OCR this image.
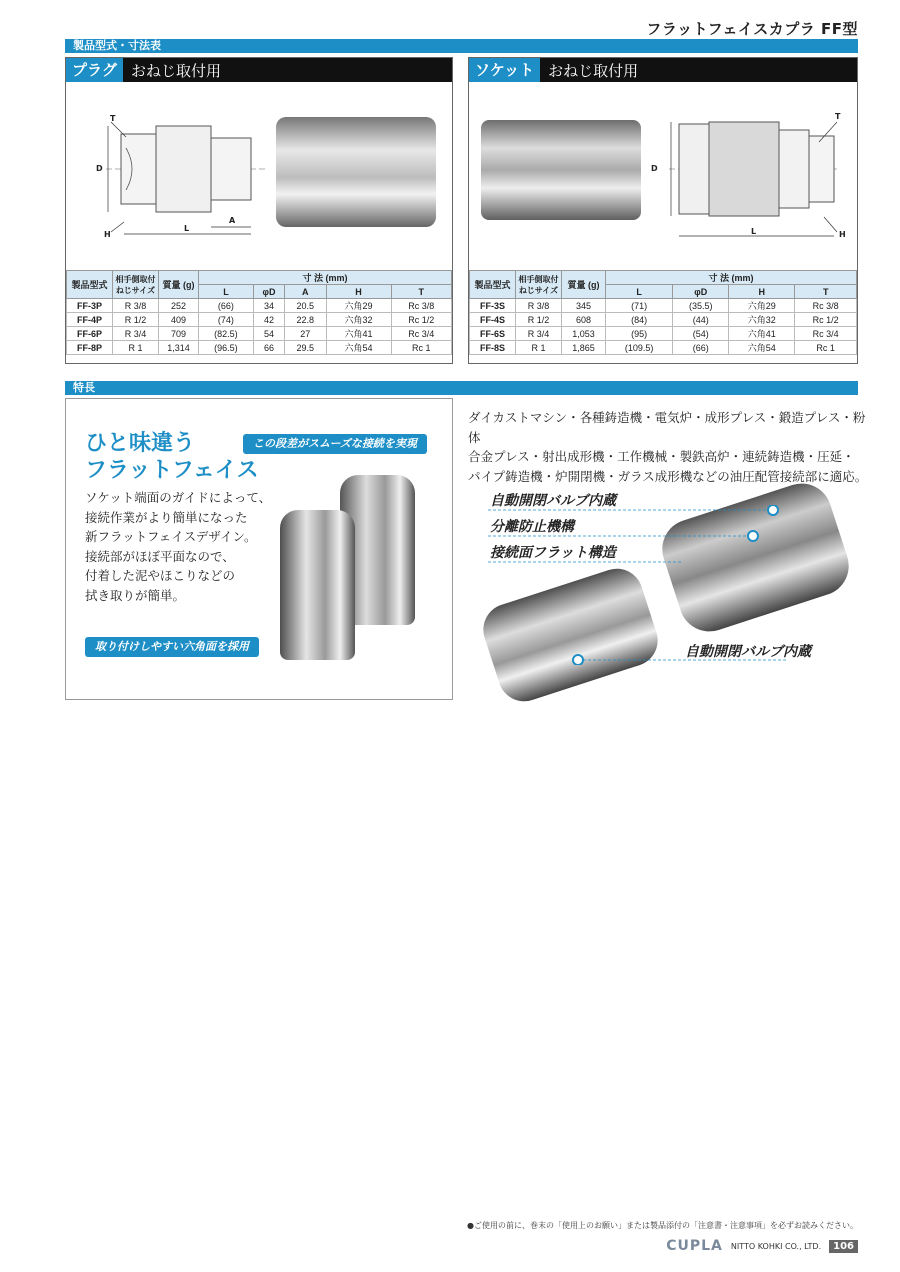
フラットフェイスカプラ FF型
製品型式・寸法表
プラグ おねじ取付用
T
D
H
L
A
製品型式	相手側取付ねじサイズ	質量 (g)	寸 法 (mm)				
			L	φD	A	H	T
FF-3P	R 3/8	252	(66)	34	20.5	六角29	Rc 3/8
FF-4P	R 1/2	409	(74)	42	22.8	六角32	Rc 1/2
FF-6P	R 3/4	709	(82.5)	54	27	六角41	Rc 3/4
FF-8P	R 1	1,314	(96.5)	66	29.5	六角54	Rc 1
ソケット おねじ取付用
T
D
H
L
製品型式	相手側取付ねじサイズ	質量 (g)	寸 法 (mm)			
			L	φD	H	T
FF-3S	R 3/8	345	(71)	(35.5)	六角29	Rc 3/8
FF-4S	R 1/2	608	(84)	(44)	六角32	Rc 1/2
FF-6S	R 3/4	1,053	(95)	(54)	六角41	Rc 3/4
FF-8S	R 1	1,865	(109.5)	(66)	六角54	Rc 1
特長
ひと味違う
フラットフェイス
ソケット端面のガイドによって、
接続作業がより簡単になった
新フラットフェイスデザイン。
接続部がほぼ平面なので、
付着した泥やほこりなどの
拭き取りが簡単。
この段差がスムーズな接続を実現
取り付けしやすい六角面を採用
ダイカストマシン・各種鋳造機・電気炉・成形プレス・鍛造プレス・粉体
合金プレス・射出成形機・工作機械・製鉄高炉・連続鋳造機・圧延・
パイプ鋳造機・炉開閉機・ガラス成形機などの油圧配管接続部に適応。
自動開閉バルブ内蔵
分離防止機構
接続面フラット構造
自動開閉バルブ内蔵
●ご使用の前に、巻末の「使用上のお願い」または製品添付の「注意書・注意事項」を必ずお読みください。
CUPLA NITTO KOHKI CO., LTD.	106
